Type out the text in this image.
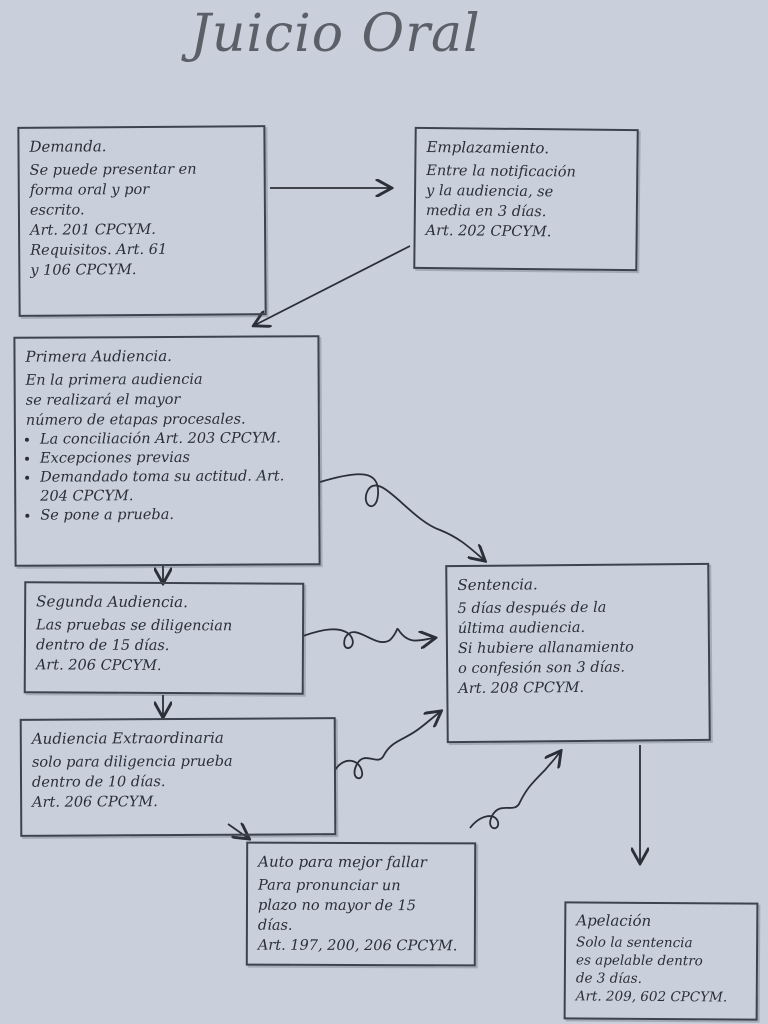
Juicio Oral
Demanda.
Se puede presentar en
forma oral y por
escrito.
Art. 201 CPCYM.
Requisitos. Art. 61
y 106 CPCYM.
Emplazamiento.
Entre la notificación
y la audiencia, se
media en 3 días.
Art. 202 CPCYM.
Primera Audiencia.
En la primera audiencia
se realizará el mayor
número de etapas procesales.
• La conciliación Art. 203 CPCYM.
• Excepciones previas
• Demandado toma su actitud. Art. 204 CPCYM.
• Se pone a prueba.
Segunda Audiencia.
Las pruebas se diligencian
dentro de 15 días.
Art. 206 CPCYM.
Audiencia Extraordinaria
solo para diligencia prueba
dentro de 10 días.
Art. 206 CPCYM.
Auto para mejor fallar
Para pronunciar un
plazo no mayor de 15
días.
Art. 197, 200, 206 CPCYM.
Sentencia.
5 días después de la
última audiencia.
Si hubiere allanamiento
o confesión son 3 días.
Art. 208 CPCYM.
Apelación
Solo la sentencia
es apelable dentro
de 3 días.
Art. 209, 602 CPCYM.
